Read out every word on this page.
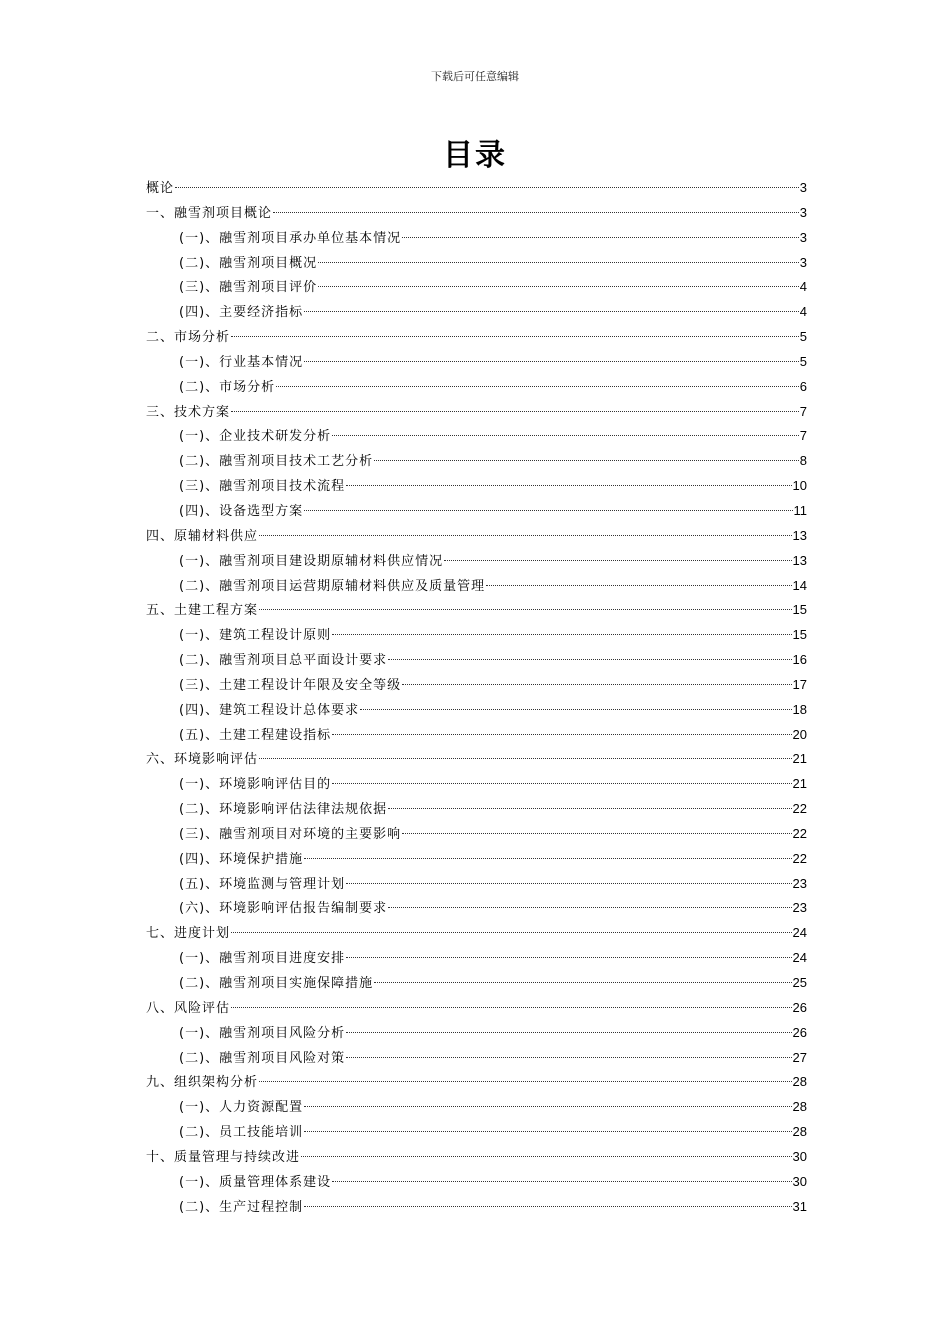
下载后可任意编辑
目录
概论	3
一、融雪剂项目概论	3
(一)、融雪剂项目承办单位基本情况	3
(二)、融雪剂项目概况	3
(三)、融雪剂项目评价	4
(四)、主要经济指标	4
二、市场分析	5
(一)、行业基本情况	5
(二)、市场分析	6
三、技术方案	7
(一)、企业技术研发分析	7
(二)、融雪剂项目技术工艺分析	8
(三)、融雪剂项目技术流程	10
(四)、设备选型方案	11
四、原辅材料供应	13
(一)、融雪剂项目建设期原辅材料供应情况	13
(二)、融雪剂项目运营期原辅材料供应及质量管理	14
五、土建工程方案	15
(一)、建筑工程设计原则	15
(二)、融雪剂项目总平面设计要求	16
(三)、土建工程设计年限及安全等级	17
(四)、建筑工程设计总体要求	18
(五)、土建工程建设指标	20
六、环境影响评估	21
(一)、环境影响评估目的	21
(二)、环境影响评估法律法规依据	22
(三)、融雪剂项目对环境的主要影响	22
(四)、环境保护措施	22
(五)、环境监测与管理计划	23
(六)、环境影响评估报告编制要求	23
七、进度计划	24
(一)、融雪剂项目进度安排	24
(二)、融雪剂项目实施保障措施	25
八、风险评估	26
(一)、融雪剂项目风险分析	26
(二)、融雪剂项目风险对策	27
九、组织架构分析	28
(一)、人力资源配置	28
(二)、员工技能培训	28
十、质量管理与持续改进	30
(一)、质量管理体系建设	30
(二)、生产过程控制	31
